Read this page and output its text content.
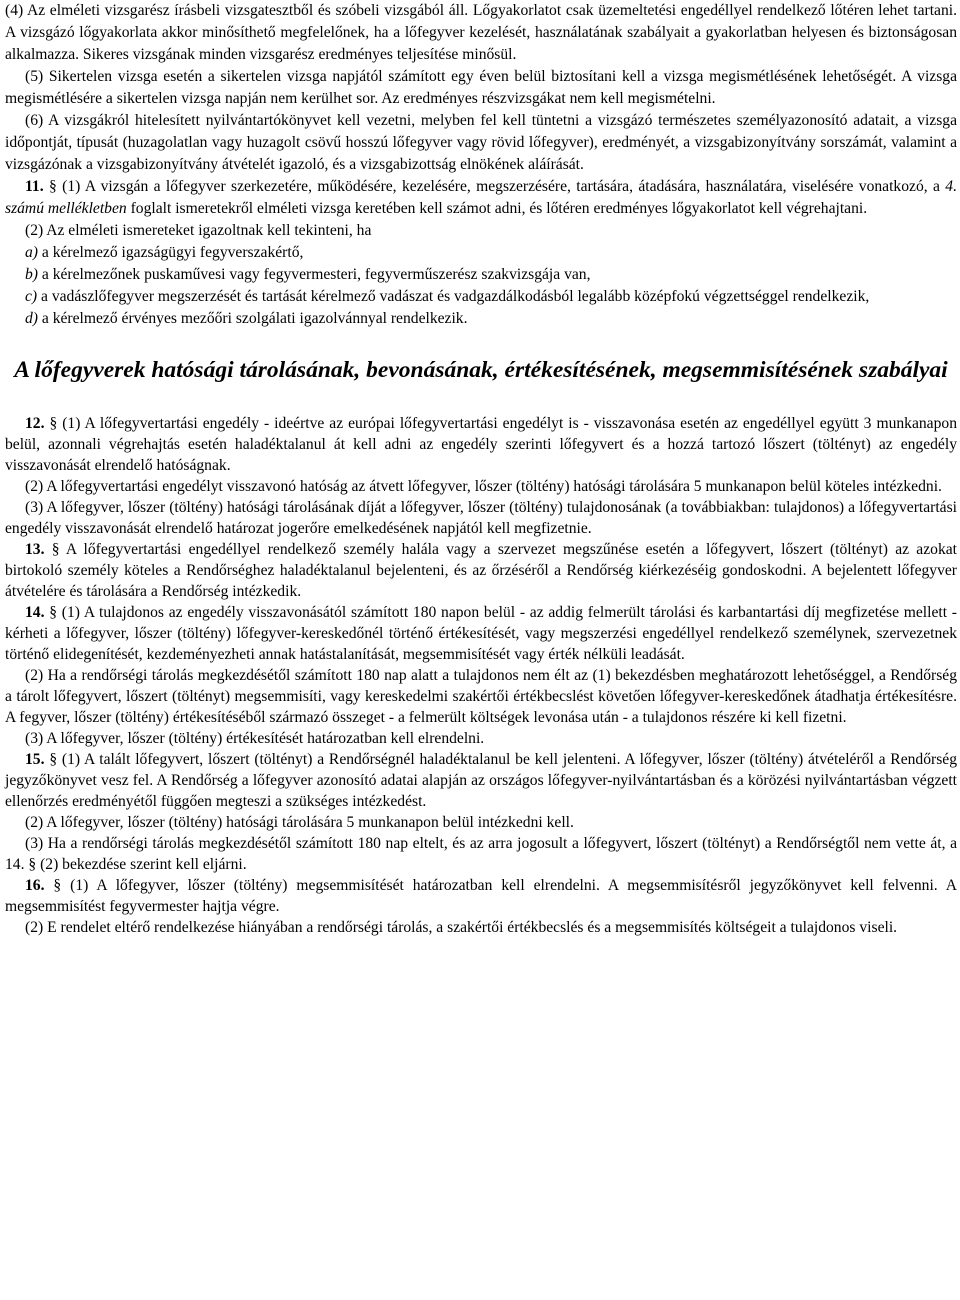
(4) Az elméleti vizsgarész írásbeli vizsgatesztből és szóbeli vizsgából áll. Lőgyakorlatot csak üzemeltetési engedéllyel rendelkező lőtéren lehet tartani. A vizsgázó lőgyakorlata akkor minősíthető megfelelőnek, ha a lőfegyver kezelését, használatának szabályait a gyakorlatban helyesen és biztonságosan alkalmazza. Sikeres vizsgának minden vizsgarész eredményes teljesítése minősül.

(5) Sikertelen vizsga esetén a sikertelen vizsga napjától számított egy éven belül biztosítani kell a vizsga megismétlésének lehetőségét. A vizsga megismétlésére a sikertelen vizsga napján nem kerülhet sor. Az eredményes részvizsgákat nem kell megismételni.

(6) A vizsgákról hitelesített nyilvántartókönyvet kell vezetni, melyben fel kell tüntetni a vizsgázó természetes személyazonosító adatait, a vizsga időpontját, típusát (huzagolatlan vagy huzagolt csövű hosszú lőfegyver vagy rövid lőfegyver), eredményét, a vizsgabizonyítvány sorszámát, valamint a vizsgázónak a vizsgabizonyítvány átvételét igazoló, és a vizsgabizottság elnökének aláírását.

11. § (1) A vizsgán a lőfegyver szerkezetére, működésére, kezelésére, megszerzésére, tartására, átadására, használatára, viselésére vonatkozó, a 4. számú mellékletben foglalt ismeretekről elméleti vizsga keretében kell számot adni, és lőtéren eredményes lőgyakorlatot kell végrehajtani.

(2) Az elméleti ismereteket igazoltnak kell tekinteni, ha

a) a kérelmező igazságügyi fegyverszakértő,

b) a kérelmezőnek puskaművesi vagy fegyvermesteri, fegyverműszerész szakvizsgája van,

c) a vadászlőfegyver megszerzését és tartását kérelmező vadászat és vadgazdálkodásból legalább középfokú végzettséggel rendelkezik,

d) a kérelmező érvényes mezőőri szolgálati igazolvánnyal rendelkezik.

A lőfegyverek hatósági tárolásának, bevonásának, értékesítésének, megsemmisítésének szabályai

12. § (1) A lőfegyvertartási engedély - ideértve az európai lőfegyvertartási engedélyt is - visszavonása esetén az engedéllyel együtt 3 munkanapon belül, azonnali végrehajtás esetén haladéktalanul át kell adni az engedély szerinti lőfegyvert és a hozzá tartozó lőszert (töltényt) az engedély visszavonását elrendelő hatóságnak.

(2) A lőfegyvertartási engedélyt visszavonó hatóság az átvett lőfegyver, lőszer (töltény) hatósági tárolására 5 munkanapon belül köteles intézkedni.

(3) A lőfegyver, lőszer (töltény) hatósági tárolásának díját a lőfegyver, lőszer (töltény) tulajdonosának (a továbbiakban: tulajdonos) a lőfegyvertartási engedély visszavonását elrendelő határozat jogerőre emelkedésének napjától kell megfizetnie.

13. § A lőfegyvertartási engedéllyel rendelkező személy halála vagy a szervezet megszűnése esetén a lőfegyvert, lőszert (töltényt) az azokat birtokoló személy köteles a Rendőrséghez haladéktalanul bejelenteni, és az őrzéséről a Rendőrség kiérkezéséig gondoskodni. A bejelentett lőfegyver átvételére és tárolására a Rendőrség intézkedik.

14. § (1) A tulajdonos az engedély visszavonásától számított 180 napon belül - az addig felmerült tárolási és karbantartási díj megfizetése mellett - kérheti a lőfegyver, lőszer (töltény) lőfegyver-kereskedőnél történő értékesítését, vagy megszerzési engedéllyel rendelkező személynek, szervezetnek történő elidegenítését, kezdeményezheti annak hatástalanítását, megsemmisítését vagy érték nélküli leadását.

(2) Ha a rendőrségi tárolás megkezdésétől számított 180 nap alatt a tulajdonos nem élt az (1) bekezdésben meghatározott lehetőséggel, a Rendőrség a tárolt lőfegyvert, lőszert (töltényt) megsemmisíti, vagy kereskedelmi szakértői értékbecslést követően lőfegyver-kereskedőnek átadhatja értékesítésre. A fegyver, lőszer (töltény) értékesítéséből származó összeget - a felmerült költségek levonása után - a tulajdonos részére ki kell fizetni.

(3) A lőfegyver, lőszer (töltény) értékesítését határozatban kell elrendelni.

15. § (1) A talált lőfegyvert, lőszert (töltényt) a Rendőrségnél haladéktalanul be kell jelenteni. A lőfegyver, lőszer (töltény) átvételéről a Rendőrség jegyzőkönyvet vesz fel. A Rendőrség a lőfegyver azonosító adatai alapján az országos lőfegyver-nyilvántartásban és a körözési nyilvántartásban végzett ellenőrzés eredményétől függően megteszi a szükséges intézkedést.

(2) A lőfegyver, lőszer (töltény) hatósági tárolására 5 munkanapon belül intézkedni kell.

(3) Ha a rendőrségi tárolás megkezdésétől számított 180 nap eltelt, és az arra jogosult a lőfegyvert, lőszert (töltényt) a Rendőrségtől nem vette át, a 14. § (2) bekezdése szerint kell eljárni.

16. § (1) A lőfegyver, lőszer (töltény) megsemmisítését határozatban kell elrendelni. A megsemmisítésről jegyzőkönyvet kell felvenni. A megsemmisítést fegyvermester hajtja végre.

(2) E rendelet eltérő rendelkezése hiányában a rendőrségi tárolás, a szakértői értékbecslés és a megsemmisítés költségeit a tulajdonos viseli.
